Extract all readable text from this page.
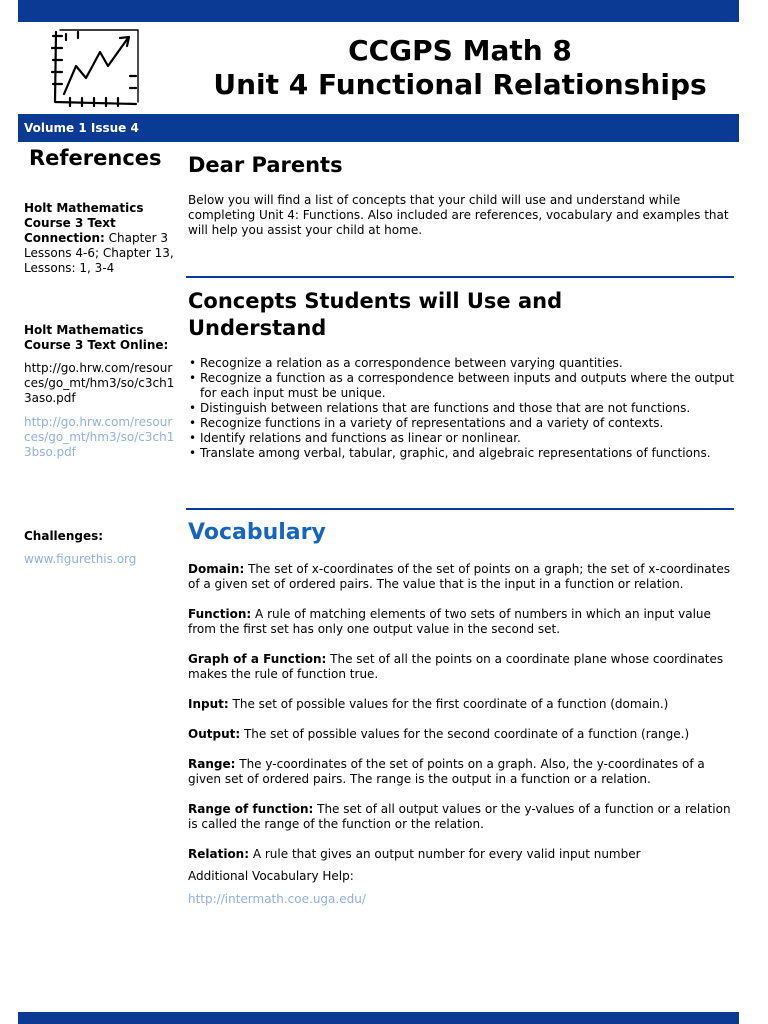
CCGPS Math 8
Unit 4 Functional Relationships
Volume 1 Issue 4
References
Holt Mathematics Course 3 Text Connection: Chapter 3 Lessons 4-6; Chapter 13, Lessons: 1, 3-4
Holt Mathematics Course 3 Text Online:
http://go.hrw.com/resources/go_mt/hm3/so/c3ch13aso.pdf
http://go.hrw.com/resources/go_mt/hm3/so/c3ch13bso.pdf
Challenges:
www.figurethis.org
Dear Parents
Below you will find a list of concepts that your child will use and understand while completing Unit 4: Functions. Also included are references, vocabulary and examples that will help you assist your child at home.
Concepts Students will Use and
Understand
• Recognize a relation as a correspondence between varying quantities.
• Recognize a function as a correspondence between inputs and outputs where the output for each input must be unique.
• Distinguish between relations that are functions and those that are not functions.
• Recognize functions in a variety of representations and a variety of contexts.
• Identify relations and functions as linear or nonlinear.
• Translate among verbal, tabular, graphic, and algebraic representations of functions.
Vocabulary
Domain: The set of x-coordinates of the set of points on a graph; the set of x-coordinates of a given set of ordered pairs. The value that is the input in a function or relation.
Function: A rule of matching elements of two sets of numbers in which an input value from the first set has only one output value in the second set.
Graph of a Function: The set of all the points on a coordinate plane whose coordinates makes the rule of function true.
Input: The set of possible values for the first coordinate of a function (domain.)
Output: The set of possible values for the second coordinate of a function (range.)
Range: The y-coordinates of the set of points on a graph. Also, the y-coordinates of a given set of ordered pairs. The range is the output in a function or a relation.
Range of function: The set of all output values or the y-values of a function or a relation is called the range of the function or the relation.
Relation: A rule that gives an output number for every valid input number
Additional Vocabulary Help:
http://intermath.coe.uga.edu/
